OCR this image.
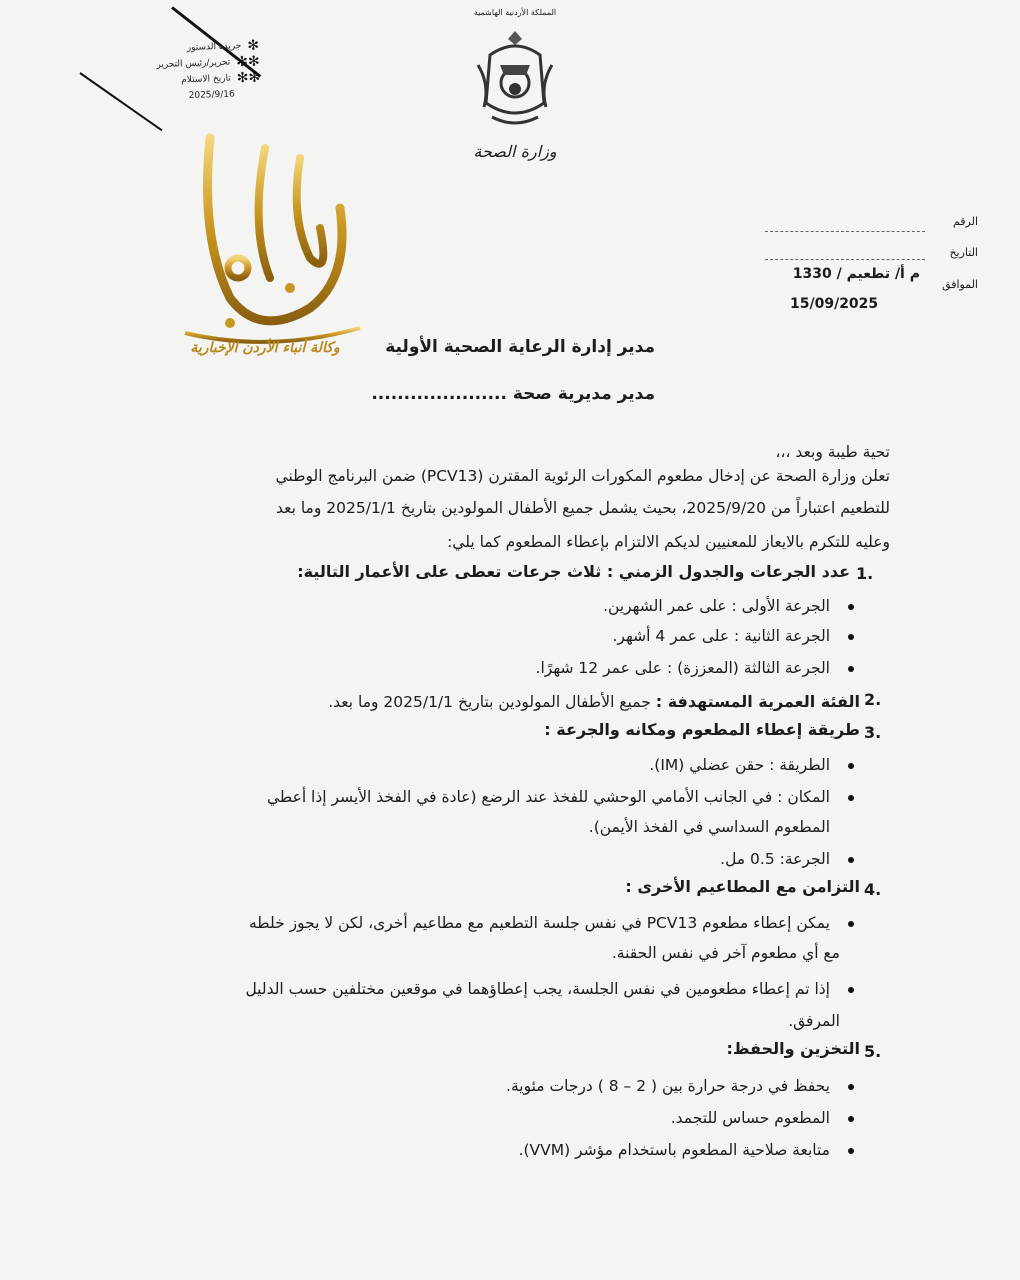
✻
جريدة الدستور
✻✻
تحرير/رئيس التحرير
✻✻
تاريخ الاستلام
2025/9/16
المملكة الأردنية الهاشمية
وزارة الصحة
الرقم
التاريخ
الموافق
م أ/ تطعيم / 1330
15/09/2025
وكالة أنباء الأردن الإخبارية	مدير إدارة الرعاية الصحية الأولية
مدير مديرية صحة .....................
تحية طيبة وبعد ،،،
تعلن وزارة الصحة عن إدخال مطعوم المكورات الرئوية المقترن (PCV13) ضمن البرنامج الوطني
للتطعيم اعتباراً من 2025/9/20، بحيث يشمل جميع الأطفال المولودين بتاريخ 2025/1/1 وما بعد
وعليه للتكرم بالايعاز للمعنيين لديكم الالتزام بإعطاء المطعوم كما يلي:
1.
عدد الجرعات والجدول الزمني : ثلاث جرعات تعطى على الأعمار التالية:
الجرعة الأولى : على عمر الشهرين.
الجرعة الثانية : على عمر 4 أشهر.
الجرعة الثالثة (المعززة) : على عمر 12 شهرًا.
2.
الفئة العمرية المستهدفة : جميع الأطفال المولودين بتاريخ 2025/1/1 وما بعد.
3.
طريقة إعطاء المطعوم ومكانه والجرعة :
الطريقة : حقن عضلي (IM).
المكان : في الجانب الأمامي الوحشي للفخذ عند الرضع (عادة في الفخذ الأيسر إذا أعطي
المطعوم السداسي في الفخذ الأيمن).
الجرعة: 0.5 مل.
4.
التزامن مع المطاعيم الأخرى :
يمكن إعطاء مطعوم PCV13 في نفس جلسة التطعيم مع مطاعيم أخرى، لكن لا يجوز خلطه
مع أي مطعوم آخر في نفس الحقنة.
إذا تم إعطاء مطعومين في نفس الجلسة، يجب إعطاؤهما في موقعين مختلفين حسب الدليل
المرفق.
5.
التخزين والحفظ:
يحفظ في درجة حرارة بين ( 2 – 8 ) درجات مئوية.
المطعوم حساس للتجمد.
متابعة صلاحية المطعوم باستخدام مؤشر (VVM).
